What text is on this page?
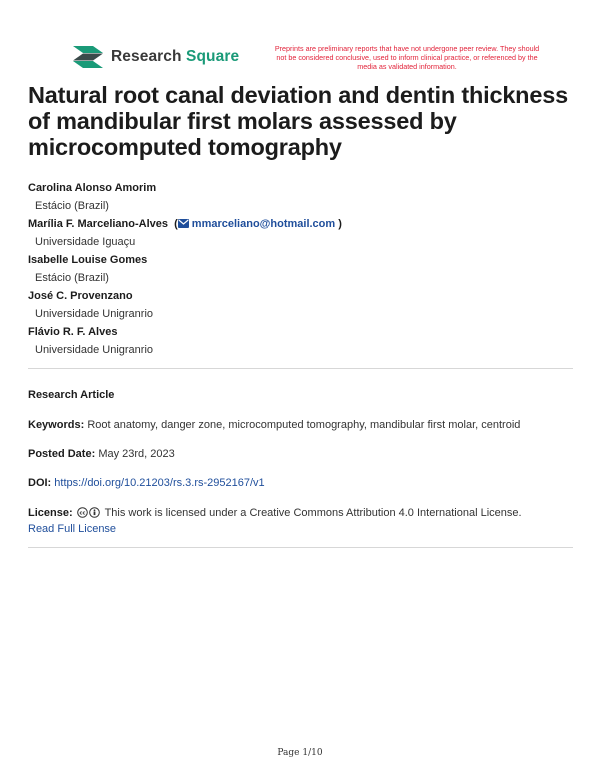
Research Square	Preprints are preliminary reports that have not undergone peer review. They should not be considered conclusive, used to inform clinical practice, or referenced by the media as validated information.
Natural root canal deviation and dentin thickness of mandibular first molars assessed by microcomputed tomography
Carolina Alonso Amorim
Estácio (Brazil)
Marília F. Marceliano-Alves  ( mmarceliano@hotmail.com )
Universidade Iguaçu
Isabelle Louise Gomes
Estácio (Brazil)
José C. Provenzano
Universidade Unigranrio
Flávio R. F. Alves
Universidade Unigranrio
Research Article
Keywords: Root anatomy, danger zone, microcomputed tomography, mandibular first molar, centroid
Posted Date: May 23rd, 2023
DOI: https://doi.org/10.21203/rs.3.rs-2952167/v1
License: cc This work is licensed under a Creative Commons Attribution 4.0 International License.
Read Full License
Page 1/10
